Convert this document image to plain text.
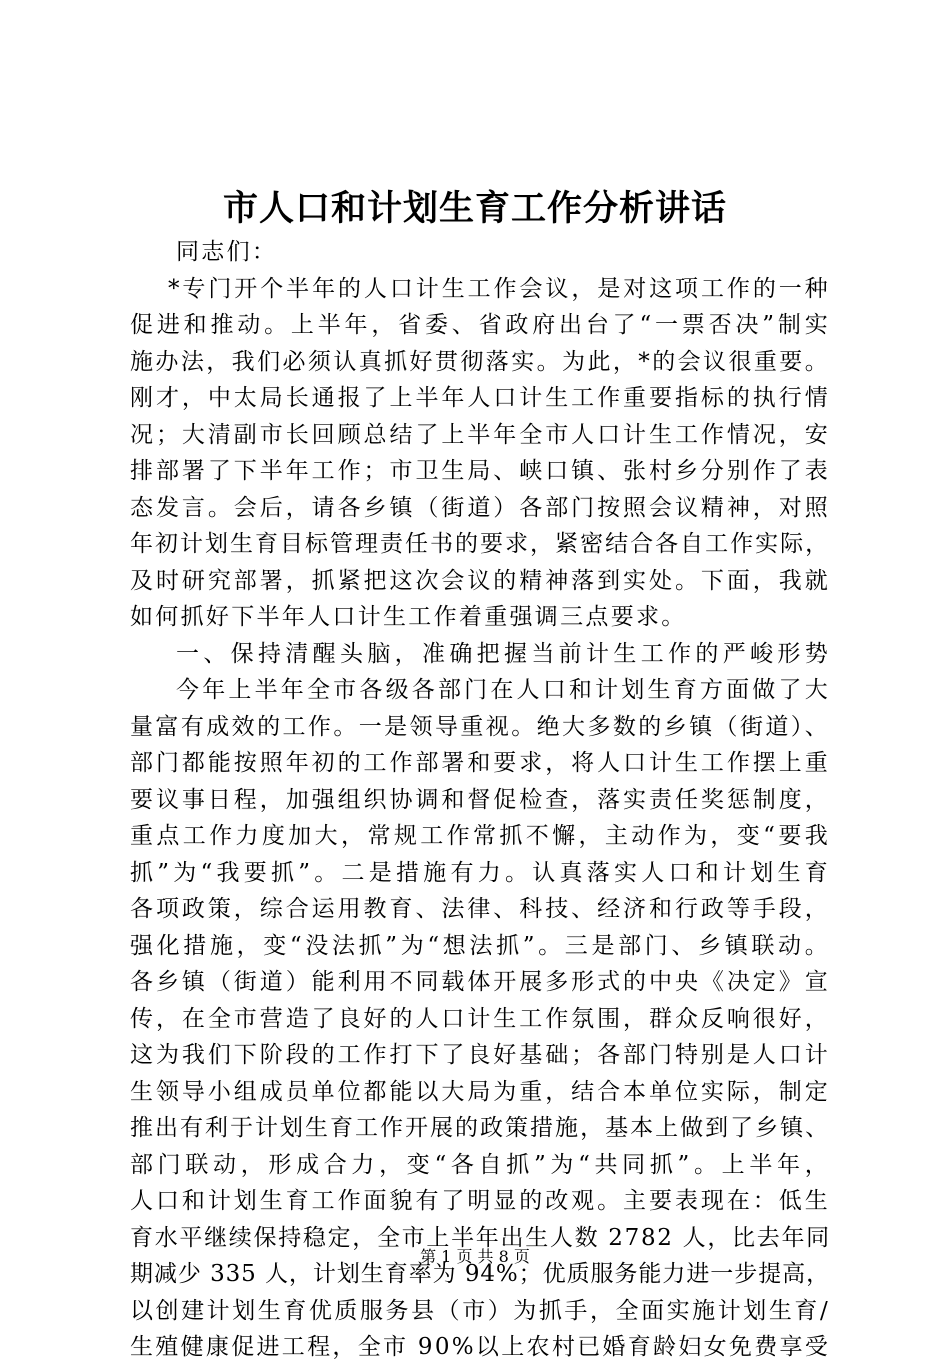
市人口和计划生育工作分析讲话
同志们：
*专门开个半年的人口计生工作会议，是对这项工作的一种
促进和推动。上半年，省委、省政府出台了“一票否决”制实
施办法，我们必须认真抓好贯彻落实。为此，*的会议很重要。
刚才，中太局长通报了上半年人口计生工作重要指标的执行情
况；大清副市长回顾总结了上半年全市人口计生工作情况，安
排部署了下半年工作；市卫生局、峡口镇、张村乡分别作了表
态发言。会后，请各乡镇（街道）各部门按照会议精神，对照
年初计划生育目标管理责任书的要求，紧密结合各自工作实际，
及时研究部署，抓紧把这次会议的精神落到实处。下面，我就
如何抓好下半年人口计生工作着重强调三点要求。
一、保持清醒头脑，准确把握当前计生工作的严峻形势
今年上半年全市各级各部门在人口和计划生育方面做了大
量富有成效的工作。一是领导重视。绝大多数的乡镇（街道）、
部门都能按照年初的工作部署和要求，将人口计生工作摆上重
要议事日程，加强组织协调和督促检查，落实责任奖惩制度，
重点工作力度加大，常规工作常抓不懈，主动作为，变“要我
抓”为“我要抓”。二是措施有力。认真落实人口和计划生育
各项政策，综合运用教育、法律、科技、经济和行政等手段，
强化措施，变“没法抓”为“想法抓”。三是部门、乡镇联动。
各乡镇（街道）能利用不同载体开展多形式的中央《决定》宣
传，在全市营造了良好的人口计生工作氛围，群众反响很好，
这为我们下阶段的工作打下了良好基础；各部门特别是人口计
生领导小组成员单位都能以大局为重，结合本单位实际，制定
推出有利于计划生育工作开展的政策措施，基本上做到了乡镇、
部门联动，形成合力，变“各自抓”为“共同抓”。上半年，
人口和计划生育工作面貌有了明显的改观。主要表现在：低生
育水平继续保持稳定，全市上半年出生人数 2782 人，比去年同
期减少 335 人，计划生育率为 94%；优质服务能力进一步提高，
以创建计划生育优质服务县（市）为抓手，全面实施计划生育/
生殖健康促进工程，全市 90%以上农村已婚育龄妇女免费享受
第 1 页 共 8 页
